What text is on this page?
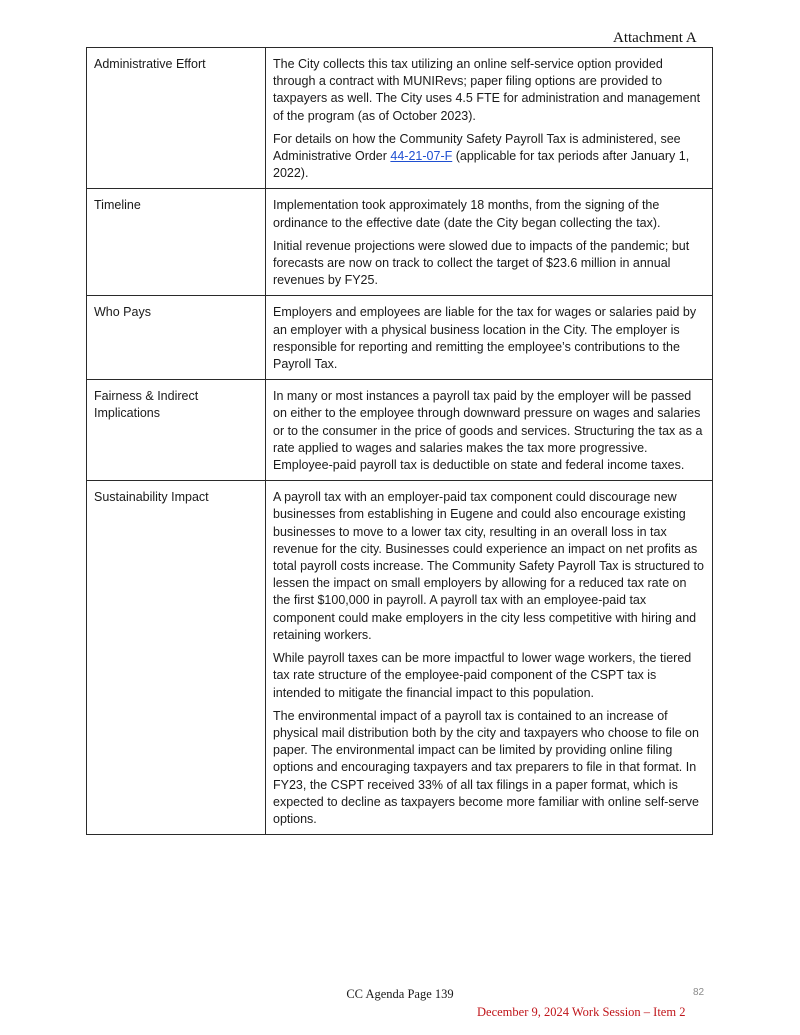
Attachment A
Administrative Effort	The City collects this tax utilizing an online self-service option provided through a contract with MUNIRevs; paper filing options are provided to taxpayers as well. The City uses 4.5 FTE for administration and management of the program (as of October 2023).

For details on how the Community Safety Payroll Tax is administered, see Administrative Order 44-21-07-F (applicable for tax periods after January 1, 2022).

Timeline	Implementation took approximately 18 months, from the signing of the ordinance to the effective date (date the City began collecting the tax).

Initial revenue projections were slowed due to impacts of the pandemic; but forecasts are now on track to collect the target of $23.6 million in annual revenues by FY25.

Who Pays	Employers and employees are liable for the tax for wages or salaries paid by an employer with a physical business location in the City. The employer is responsible for reporting and remitting the employee’s contributions to the Payroll Tax.

Fairness & Indirect Implications	In many or most instances a payroll tax paid by the employer will be passed on either to the employee through downward pressure on wages and salaries or to the consumer in the price of goods and services. Structuring the tax as a rate applied to wages and salaries makes the tax more progressive. Employee-paid payroll tax is deductible on state and federal income taxes.

Sustainability Impact	A payroll tax with an employer-paid tax component could discourage new businesses from establishing in Eugene and could also encourage existing businesses to move to a lower tax city, resulting in an overall loss in tax revenue for the city. Businesses could experience an impact on net profits as total payroll costs increase. The Community Safety Payroll Tax is structured to lessen the impact on small employers by allowing for a reduced tax rate on the first $100,000 in payroll. A payroll tax with an employee-paid tax component could make employers in the city less competitive with hiring and retaining workers.

While payroll taxes can be more impactful to lower wage workers, the tiered tax rate structure of the employee-paid component of the CSPT tax is intended to mitigate the financial impact to this population.

The environmental impact of a payroll tax is contained to an increase of physical mail distribution both by the city and taxpayers who choose to file on paper. The environmental impact can be limited by providing online filing options and encouraging taxpayers and tax preparers to file in that format. In FY23, the CSPT received 33% of all tax filings in a paper format, which is expected to decline as taxpayers become more familiar with online self-serve options.

CC Agenda Page 139	82
December 9, 2024 Work Session – Item 2
